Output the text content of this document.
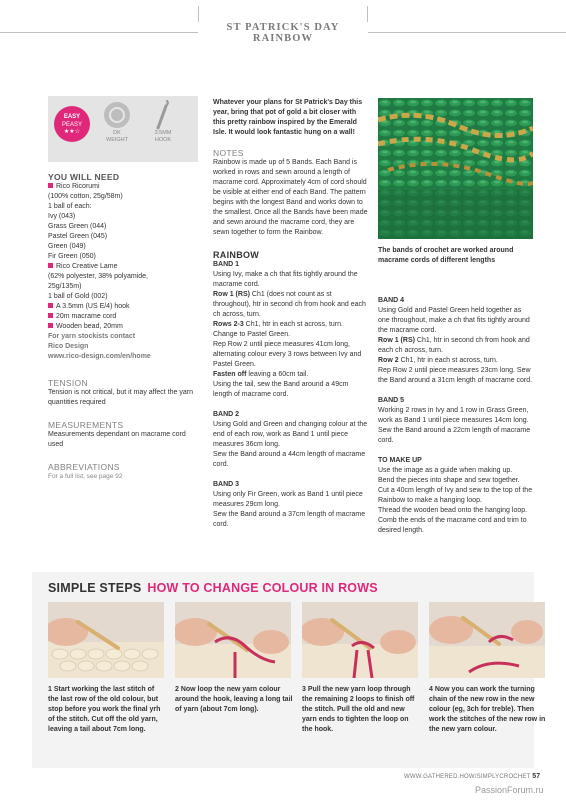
ST PATRICK'S DAY RAINBOW
EASY
PEASY
★★☆	DK
WEIGHT
3.5MM
HOOK
YOU WILL NEED
Rico Ricorumi
(100% cotton, 25g/58m)
1 ball of each:
Ivy (043)
Grass Green (044)
Pastel Green (045)
Green (049)
Fir Green (050)
Rico Creative Lame
(62% polyester, 38% polyamide,
25g/135m)
1 ball of Gold (002)
A 3.5mm (US E/4) hook
20m macrame cord
Wooden bead, 20mm
For yarn stockists contact
Rico Design
www.rico-design.com/en/home
TENSION
Tension is not critical, but it may affect the yarn quantities required
MEASUREMENTS
Measurements dependant on macrame cord used
ABBREVIATIONS
For a full list, see page 92
Whatever your plans for St Patrick's Day this year, bring that pot of gold a bit closer with this pretty rainbow inspired by the Emerald Isle. It would look fantastic hung on a wall!
NOTES
Rainbow is made up of 5 Bands. Each Band is worked in rows and sewn around a length of macrame cord. Approximately 4cm of cord should be visible at either end of each Band. The pattern begins with the longest Band and works down to the smallest. Once all the Bands have been made and sewn around the macrame cord, they are sewn together to form the Rainbow.
RAINBOW
BAND 1
Using Ivy, make a ch that fits tightly around the macrame cord.
Row 1 (RS) Ch1 (does not count as st throughout), htr in second ch from hook and each ch across, turn.
Rows 2-3 Ch1, htr in each st across, turn. Change to Pastel Green.
Rep Row 2 until piece measures 41cm long, alternating colour every 3 rows between Ivy and Pastel Green.
Fasten off leaving a 60cm tail.
Using the tail, sew the Band around a 49cm length of macrame cord.
BAND 2
Using Gold and Green and changing colour at the end of each row, work as Band 1 until piece measures 36cm long.
Sew the Band around a 44cm length of macrame cord.
BAND 3
Using only Fir Green, work as Band 1 until piece measures 29cm long.
Sew the Band around a 37cm length of macrame cord.
The bands of crochet are worked around macrame cords of different lengths
BAND 4
Using Gold and Pastel Green held together as one throughout, make a ch that fits tightly around the macrame cord.
Row 1 (RS) Ch1, htr in second ch from hook and each ch across, turn.
Row 2 Ch1, htr in each st across, turn.
Rep Row 2 until piece measures 23cm long. Sew the Band around a 31cm length of macrame cord.
BAND 5
Working 2 rows in Ivy and 1 row in Grass Green, work as Band 1 until piece measures 14cm long. Sew the Band around a 22cm length of macrame cord.
TO MAKE UP
Use the image as a guide when making up.
Bend the pieces into shape and sew together.
Cut a 40cm length of Ivy and sew to the top of the Rainbow to make a hanging loop.
Thread the wooden bead onto the hanging loop.
Comb the ends of the macrame cord and trim to desired length.
SIMPLE STEPS HOW TO CHANGE COLOUR IN ROWS
1 Start working the last stitch of the last row of the old colour, but stop before you work the final yrh of the stitch. Cut off the old yarn, leaving a tail about 7cm long.
2 Now loop the new yarn colour around the hook, leaving a long tail of yarn (about 7cm long).
3 Pull the new yarn loop through the remaining 2 loops to finish off the stitch. Pull the old and new yarn ends to tighten the loop on the hook.
4 Now you can work the turning chain of the new row in the new colour (eg, 3ch for treble). Then work the stitches of the new row in the new yarn colour.
WWW.GATHERED.HOW/SIMPLYCROCHET 57
PassionForum.ru
